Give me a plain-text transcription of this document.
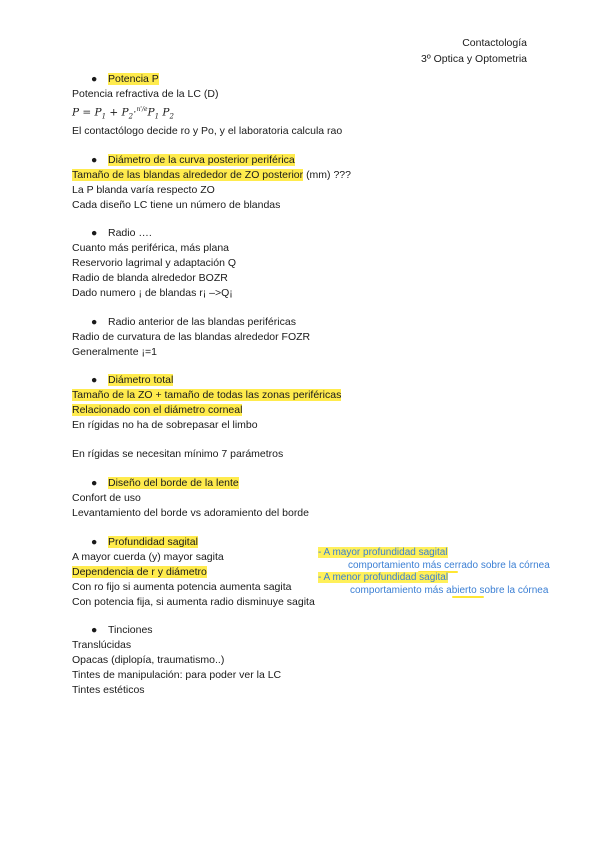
Contactología
3º Optica y Optometria
● Potencia P
Potencia refractiva de la LC (D)
$P = P_1 + P_2\cdot^{n'/e}P_1$ $P_2$
El contactólogo decide ro y Po, y el laboratoria calcula rao
● Diámetro de la curva posterior periférica
Tamaño de las blandas alrededor de ZO posterior (mm) ???
La P blanda varía respecto ZO
Cada diseño LC tiene un número de blandas
● Radio ….
Cuanto más periférica, más plana
Reservorio lagrimal y adaptación Q
Radio de blanda alrededor BOZR
Dado numero ¡ de blandas r¡ –>Q¡
● Radio anterior de las blandas periféricas
Radio de curvatura de las blandas alrededor FOZR
Generalmente ¡=1
● Diámetro total
Tamaño de la ZO + tamaño de todas las zonas periféricas
Relacionado con el diámetro corneal
En rígidas no ha de sobrepasar el limbo
En rígidas se necesitan mínimo 7 parámetros
● Diseño del borde de la lente
Confort de uso
Levantamiento del borde vs adoramiento del borde
● Profundidad sagital
A mayor cuerda (y) mayor sagita
Dependencia de r y diámetro
Con ro fijo si aumenta potencia aumenta sagita
Con potencia fija, si aumenta radio disminuye sagita
- A mayor profundidad sagital
comportamiento más cerrado sobre la córnea
- A menor profundidad sagital
comportamiento más abierto sobre la córnea
● Tinciones
Translúcidas
Opacas (diplopía, traumatismo..)
Tintes de manipulación: para poder ver la LC
Tintes estéticos
